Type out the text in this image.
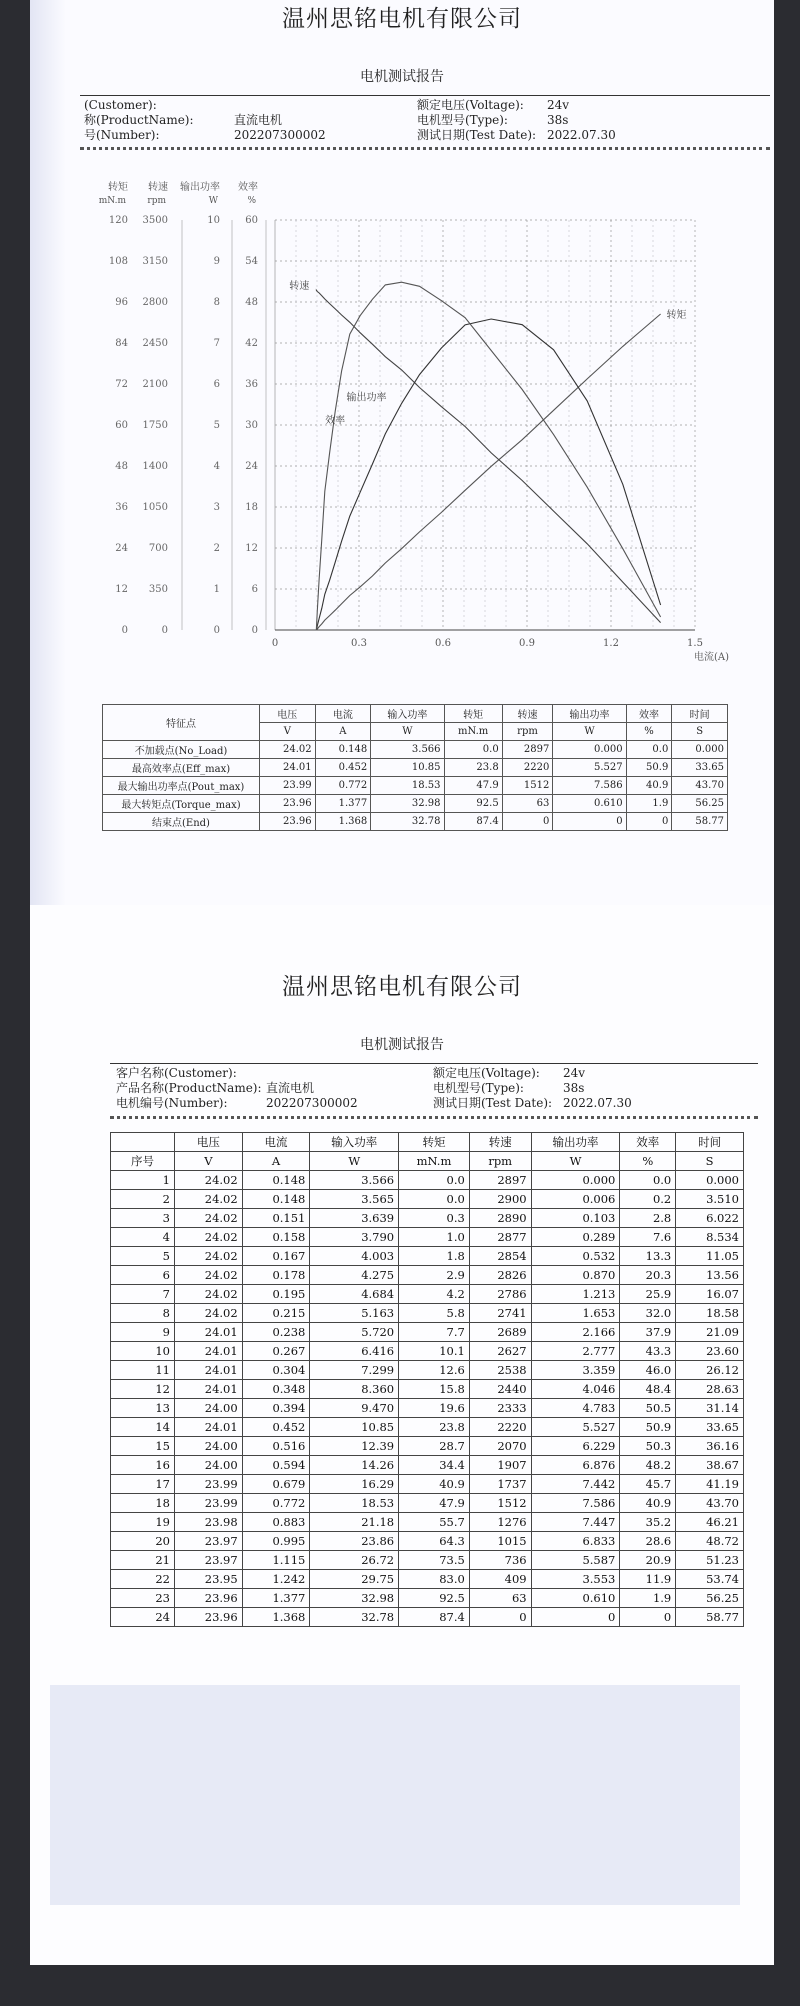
温州思铭电机有限公司
电机测试报告
(Customer):
称(ProductName):	直流电机
号(Number):	202207300002
额定电压(Voltage): 24v
电机型号(Type):	38s
测试日期(Test Date): 2022.07.30
转矩
mN.m
0
12
24
36
48
60
72
84
96
108
120
转速
rpm
0
350
700
1050
1400
1750
2100
2450
2800
3150
3500
输出功率
W
0
1
2
3
4
5
6
7
8
9
10
效率
%
0
6
12
18
24
30
36
42
48
54
60
0	0.3	0.6	0.9	1.2	1.5
电流(A)
转矩
转速
输出功率
效率
特征点	电压	电流	输入功率	转矩	转速	输出功率	效率	时间
	V	A	W	mN.m	rpm	W	%	S
不加载点(No_Load)	24.02	0.148	3.566	0.0	2897	0.000	0.0	0.000
最高效率点(Eff_max)	24.01	0.452	10.85	23.8	2220	5.527	50.9	33.65
最大输出功率点(Pout_max)	23.99	0.772	18.53	47.9	1512	7.586	40.9	43.70
最大转矩点(Torque_max)	23.96	1.377	32.98	92.5	63	0.610	1.9	56.25
结束点(End)	23.96	1.368	32.78	87.4	0	0	0	58.77
温州思铭电机有限公司
电机测试报告
客户名称(Customer):
产品名称(ProductName): 直流电机
电机编号(Number):	202207300002
额定电压(Voltage): 24v
电机型号(Type):	38s
测试日期(Test Date): 2022.07.30
	电压	电流	输入功率	转矩	转速	输出功率	效率	时间
序号	V	A	W	mN.m	rpm	W	%	S
1	24.02	0.148	3.566	0.0	2897	0.000	0.0	0.000
2	24.02	0.148	3.565	0.0	2900	0.006	0.2	3.510
3	24.02	0.151	3.639	0.3	2890	0.103	2.8	6.022
4	24.02	0.158	3.790	1.0	2877	0.289	7.6	8.534
5	24.02	0.167	4.003	1.8	2854	0.532	13.3	11.05
6	24.02	0.178	4.275	2.9	2826	0.870	20.3	13.56
7	24.02	0.195	4.684	4.2	2786	1.213	25.9	16.07
8	24.02	0.215	5.163	5.8	2741	1.653	32.0	18.58
9	24.01	0.238	5.720	7.7	2689	2.166	37.9	21.09
10	24.01	0.267	6.416	10.1	2627	2.777	43.3	23.60
11	24.01	0.304	7.299	12.6	2538	3.359	46.0	26.12
12	24.01	0.348	8.360	15.8	2440	4.046	48.4	28.63
13	24.00	0.394	9.470	19.6	2333	4.783	50.5	31.14
14	24.01	0.452	10.85	23.8	2220	5.527	50.9	33.65
15	24.00	0.516	12.39	28.7	2070	6.229	50.3	36.16
16	24.00	0.594	14.26	34.4	1907	6.876	48.2	38.67
17	23.99	0.679	16.29	40.9	1737	7.442	45.7	41.19
18	23.99	0.772	18.53	47.9	1512	7.586	40.9	43.70
19	23.98	0.883	21.18	55.7	1276	7.447	35.2	46.21
20	23.97	0.995	23.86	64.3	1015	6.833	28.6	48.72
21	23.97	1.115	26.72	73.5	736	5.587	20.9	51.23
22	23.95	1.242	29.75	83.0	409	3.553	11.9	53.74
23	23.96	1.377	32.98	92.5	63	0.610	1.9	56.25
24	23.96	1.368	32.78	87.4	0	0	0	58.77
